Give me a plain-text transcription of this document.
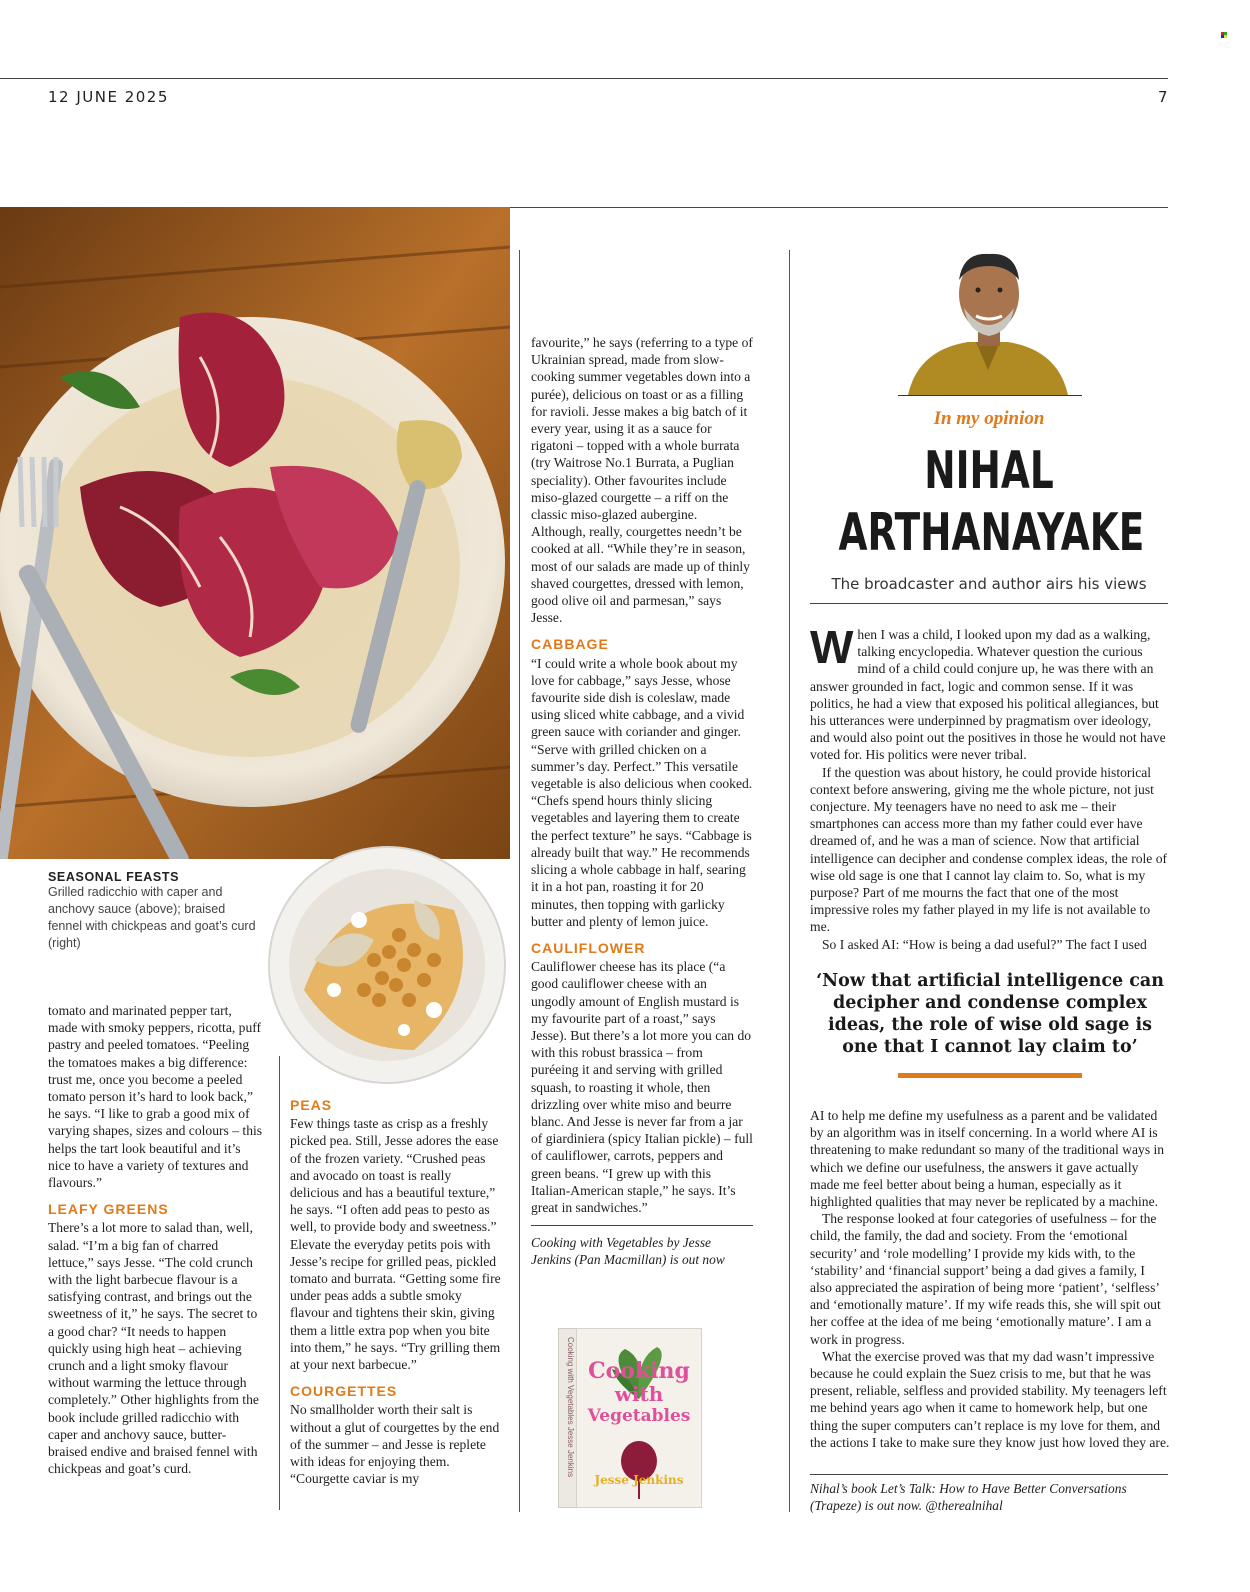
12 JUNE 2025	7
SEASONAL FEASTS
Grilled radicchio with caper and anchovy sauce (above); braised fennel with chickpeas and goat’s curd (right)

tomato and marinated pepper tart, made with smoky peppers, ricotta, puff pastry and peeled tomatoes. “Peeling the tomatoes makes a big difference: trust me, once you become a peeled tomato person it’s hard to look back,” he says. “I like to grab a good mix of varying shapes, sizes and colours – this helps the tart look beautiful and it’s nice to have a variety of textures and flavours.”

LEAFY GREENS

There’s a lot more to salad than, well, salad. “I’m a big fan of charred lettuce,” says Jesse. “The cold crunch with the light barbecue flavour is a satisfying contrast, and brings out the sweetness of it,” he says. The secret to a good char? “It needs to happen quickly using high heat – achieving crunch and a light smoky flavour without warming the lettuce through completely.” Other highlights from the book include grilled radicchio with caper and anchovy sauce, butter-braised endive and braised fennel with chickpeas and goat’s curd.

PEAS

Few things taste as crisp as a freshly picked pea. Still, Jesse adores the ease of the frozen variety. “Crushed peas and avocado on toast is really delicious and has a beautiful texture,” he says. “I often add peas to pesto as well, to provide body and sweetness.” Elevate the everyday petits pois with Jesse’s recipe for grilled peas, pickled tomato and burrata. “Getting some fire under peas adds a subtle smoky flavour and tightens their skin, giving them a little extra pop when you bite into them,” he says. “Try grilling them at your next barbecue.”

COURGETTES

No smallholder worth their salt is without a glut of courgettes by the end of the summer – and Jesse is replete with ideas for enjoying them. “Courgette caviar is my

favourite,” he says (referring to a type of Ukrainian spread, made from slow-cooking summer vegetables down into a purée), delicious on toast or as a filling for ravioli. Jesse makes a big batch of it every year, using it as a sauce for rigatoni – topped with a whole burrata (try Waitrose No.1 Burrata, a Puglian speciality). Other favourites include miso-glazed courgette – a riff on the classic miso-glazed aubergine. Although, really, courgettes needn’t be cooked at all. “While they’re in season, most of our salads are made up of thinly shaved courgettes, dressed with lemon, good olive oil and parmesan,” says Jesse.

CABBAGE

“I could write a whole book about my love for cabbage,” says Jesse, whose favourite side dish is coleslaw, made using sliced white cabbage, and a vivid green sauce with coriander and ginger. “Serve with grilled chicken on a summer’s day. Perfect.” This versatile vegetable is also delicious when cooked. “Chefs spend hours thinly slicing vegetables and layering them to create the perfect texture” he says. “Cabbage is already built that way.” He recommends slicing a whole cabbage in half, searing it in a hot pan, roasting it for 20 minutes, then topping with garlicky butter and plenty of lemon juice.

CAULIFLOWER

Cauliflower cheese has its place (“a good cauliflower cheese with an ungodly amount of English mustard is my favourite part of a roast,” says Jesse). But there’s a lot more you can do with this robust brassica – from puréeing it and serving with grilled squash, to roasting it whole, then drizzling over white miso and beurre blanc. And Jesse is never far from a jar of giardiniera (spicy Italian pickle) – full of cauliflower, carrots, peppers and green beans. “I grew up with this Italian-American staple,” he says. It’s great in sandwiches.”

Cooking with Vegetables by Jesse Jenkins (Pan Macmillan) is out now

Cooking with Vegetables Jesse Jenkins Cooking
with
Vegetables
Jesse Jenkins
In my opinion
NIHAL
ARTHANAYAKE
The broadcaster and author airs his views

When I was a child, I looked upon my dad as a walking, talking encyclopedia. Whatever question the curious mind of a child could conjure up, he was there with an answer grounded in fact, logic and common sense. If it was politics, he had a view that exposed his political allegiances, but his utterances were underpinned by pragmatism over ideology, and would also point out the positives in those he would not have voted for. His politics were never tribal.

If the question was about history, he could provide historical context before answering, giving me the whole picture, not just conjecture. My teenagers have no need to ask me – their smartphones can access more than my father could ever have dreamed of, and he was a man of science. Now that artificial intelligence can decipher and condense complex ideas, the role of wise old sage is one that I cannot lay claim to. So, what is my purpose? Part of me mourns the fact that one of the most impressive roles my father played in my life is not available to me.

So I asked AI: “How is being a dad useful?” The fact I used

‘Now that artificial intelligence can decipher and condense complex ideas, the role of wise old sage is one that I cannot lay claim to’

AI to help me define my usefulness as a parent and be validated by an algorithm was in itself concerning. In a world where AI is threatening to make redundant so many of the traditional ways in which we define our usefulness, the answers it gave actually made me feel better about being a human, especially as it highlighted qualities that may never be replicated by a machine.

The response looked at four categories of usefulness – for the child, the family, the dad and society. From the ‘emotional security’ and ‘role modelling’ I provide my kids with, to the ‘stability’ and ‘financial support’ being a dad gives a family, I also appreciated the aspiration of being more ‘patient’, ‘selfless’ and ‘emotionally mature’. If my wife reads this, she will spit out her coffee at the idea of me being ‘emotionally mature’. I am a work in progress.

What the exercise proved was that my dad wasn’t impressive because he could explain the Suez crisis to me, but that he was present, reliable, selfless and provided stability. My teenagers left me behind years ago when it came to homework help, but one thing the super computers can’t replace is my love for them, and the actions I take to make sure they know just how loved they are.

Nihal’s book Let’s Talk: How to Have Better Conversations (Trapeze) is out now. @therealnihal
